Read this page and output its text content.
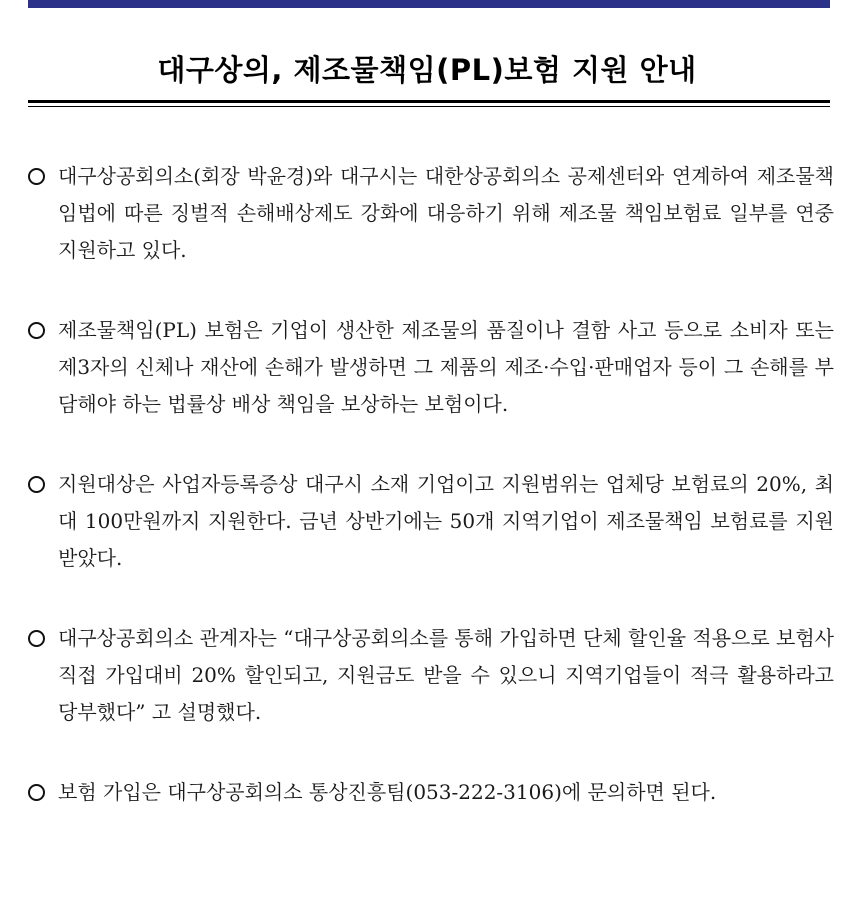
대구상의, 제조물책임(PL)보험 지원 안내
대구상공회의소(회장 박윤경)와 대구시는 대한상공회의소 공제센터와 연계하여 제조물책임법에 따른 징벌적 손해배상제도 강화에 대응하기 위해 제조물 책임보험료 일부를 연중 지원하고 있다.
제조물책임(PL) 보험은 기업이 생산한 제조물의 품질이나 결함 사고 등으로 소비자 또는 제3자의 신체나 재산에 손해가 발생하면 그 제품의 제조·수입·판매업자 등이 그 손해를 부담해야 하는 법률상 배상 책임을 보상하는 보험이다.
지원대상은 사업자등록증상 대구시 소재 기업이고 지원범위는 업체당 보험료의 20%, 최대 100만원까지 지원한다. 금년 상반기에는 50개 지역기업이 제조물책임 보험료를 지원받았다.
대구상공회의소 관계자는 “대구상공회의소를 통해 가입하면 단체 할인율 적용으로 보험사 직접 가입대비 20% 할인되고, 지원금도 받을 수 있으니 지역기업들이 적극 활용하라고 당부했다” 고 설명했다.
보험 가입은 대구상공회의소 통상진흥팀(053-222-3106)에 문의하면 된다.
